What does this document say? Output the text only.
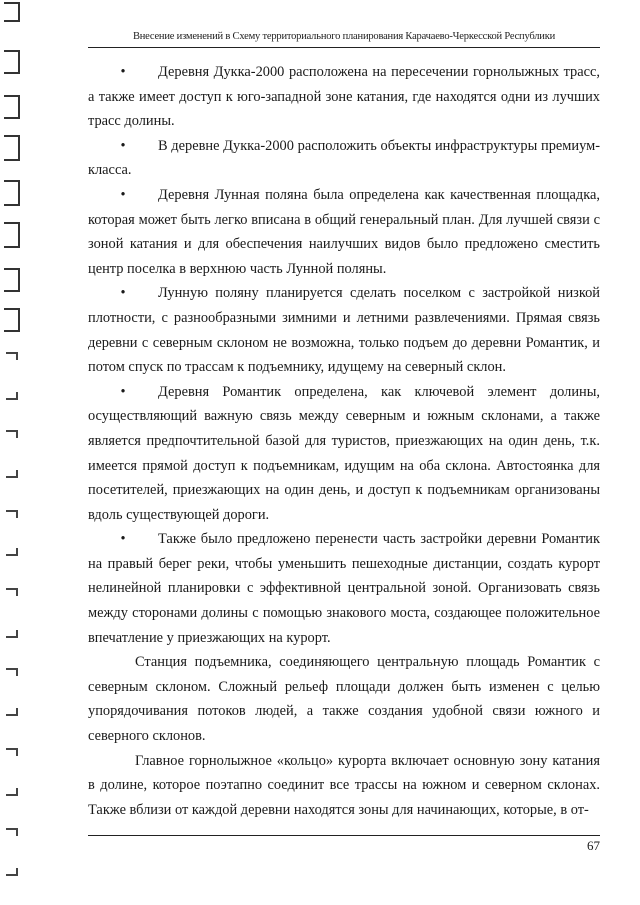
Внесение изменений в Схему территориального планирования Карачаево-Черкесской Республики

• Деревня Дукка-2000 расположена на пересечении горнолыжных трасс, а также имеет доступ к юго-западной зоне катания, где находятся одни из лучших трасс долины.

• В деревне Дукка-2000 расположить объекты инфраструктуры премиум-класса.

• Деревня Лунная поляна была определена как качественная площадка, которая может быть легко вписана в общий генеральный план. Для лучшей связи с зоной катания и для обеспечения наилучших видов было предложено сместить центр поселка в верхнюю часть Лунной поляны.

• Лунную поляну планируется сделать поселком с застройкой низкой плотности, с разнообразными зимними и летними развлечениями. Прямая связь деревни с северным склоном не возможна, только подъем до деревни Романтик, и потом спуск по трассам к подъемнику, идущему на северный склон.

• Деревня Романтик определена, как ключевой элемент долины, осуществляющий важную связь между северным и южным склонами, а также является предпочтительной базой для туристов, приезжающих на один день, т.к. имеется прямой доступ к подъемникам, идущим на оба склона. Автостоянка для посетителей, приезжающих на один день, и доступ к подъемникам организованы вдоль существующей дороги.

• Также было предложено перенести часть застройки деревни Романтик на правый берег реки, чтобы уменьшить пешеходные дистанции, создать курорт нелинейной планировки с эффективной центральной зоной. Организовать связь между сторонами долины с помощью знакового моста, создающее положительное впечатление у приезжающих на курорт.

Станция подъемника, соединяющего центральную площадь Романтик с северным склоном. Сложный рельеф площади должен быть изменен с целью упорядочивания потоков людей, а также создания удобной связи южного и северного склонов.

Главное горнолыжное «кольцо» курорта включает основную зону катания в долине, которое поэтапно соединит все трассы на южном и северном склонах. Также вблизи от каждой деревни находятся зоны для начинающих, которые, в от-

67
